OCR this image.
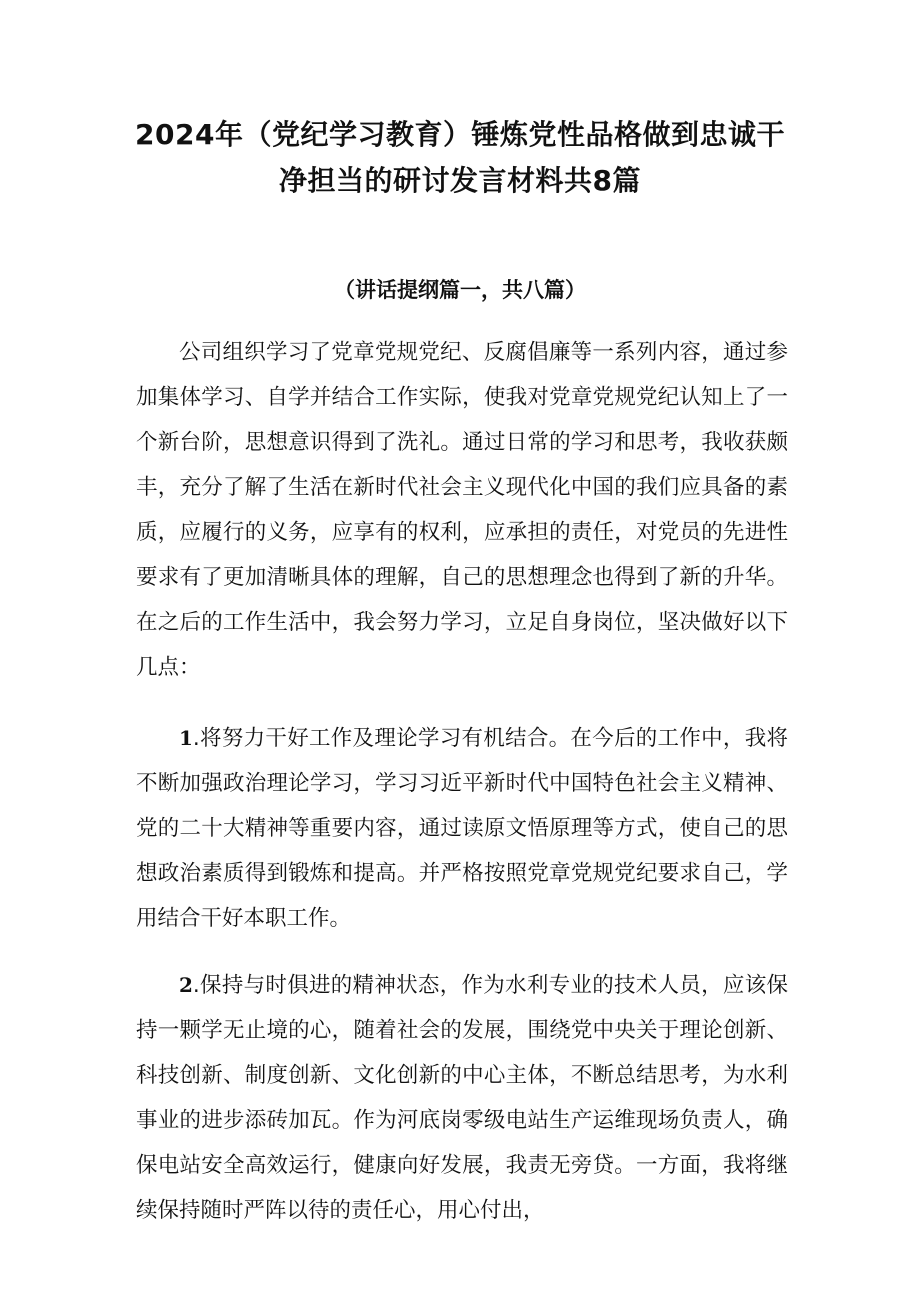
2024年（党纪学习教育）锤炼党性品格做到忠诚干
净担当的研讨发言材料共8篇
（讲话提纲篇一，共八篇）

公司组织学习了党章党规党纪、反腐倡廉等一系列内容，通过参加集体学习、自学并结合工作实际，使我对党章党规党纪认知上了一个新台阶，思想意识得到了洗礼。通过日常的学习和思考，我收获颇丰，充分了解了生活在新时代社会主义现代化中国的我们应具备的素质，应履行的义务，应享有的权利，应承担的责任，对党员的先进性要求有了更加清晰具体的理解，自己的思想理念也得到了新的升华。在之后的工作生活中，我会努力学习，立足自身岗位，坚决做好以下几点：

1.将努力干好工作及理论学习有机结合。在今后的工作中，我将不断加强政治理论学习，学习习近平新时代中国特色社会主义精神、党的二十大精神等重要内容，通过读原文悟原理等方式，使自己的思想政治素质得到锻炼和提高。并严格按照党章党规党纪要求自己，学用结合干好本职工作。

2.保持与时俱进的精神状态，作为水利专业的技术人员，应该保持一颗学无止境的心，随着社会的发展，围绕党中央关于理论创新、科技创新、制度创新、文化创新的中心主体，不断总结思考，为水利事业的进步添砖加瓦。作为河底岗零级电站生产运维现场负责人，确保电站安全高效运行，健康向好发展，我责无旁贷。一方面，我将继续保持随时严阵以待的责任心，用心付出，
